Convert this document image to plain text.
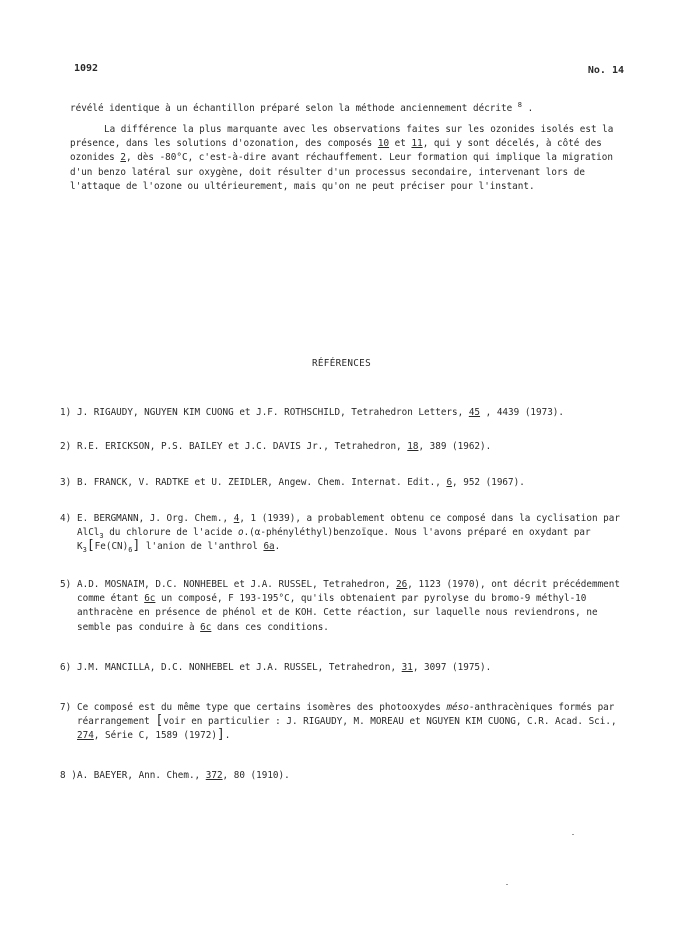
1092	No. 14
révélé identique à un échantillon préparé selon la méthode anciennement décrite $^8$ .
La différence la plus marquante avec les observations faites sur les ozonides isolés est la présence, dans les solutions d'ozonation, des composés 10 et 11, qui y sont décelés, à côté des ozonides 2, dès -80°C, c'est-à-dire avant réchauffement. Leur formation qui implique la migration d'un benzo latéral sur oxygène, doit résulter d'un processus secondaire, intervenant lors de l'attaque de l'ozone ou ultérieurement, mais qu'on ne peut préciser pour l'instant.
RÉFÉRENCES
1) J. RIGAUDY, NGUYEN KIM CUONG et J.F. ROTHSCHILD, Tetrahedron Letters, 45 , 4439 (1973).
2) R.E. ERICKSON, P.S. BAILEY et J.C. DAVIS Jr., Tetrahedron, 18, 389 (1962).
3) B. FRANCK, V. RADTKE et U. ZEIDLER, Angew. Chem. Internat. Edit., 6, 952 (1967).
4) E. BERGMANN, J. Org. Chem., 4, 1 (1939), a probablement obtenu ce composé dans la cyclisation par AlCl$_3$ du chlorure de l'acide o.(α-phényléthyl)benzoïque. Nous l'avons préparé en oxydant par $K_3[Fe(CN)_6]$ l'anion de l'anthrol 6a.
5) A.D. MOSNAIM, D.C. NONHEBEL et J.A. RUSSEL, Tetrahedron, 26, 1123 (1970), ont décrit précédemment comme étant 6c un composé, F 193-195°C, qu'ils obtenaient par pyrolyse du bromo-9 méthyl-10 anthracène en présence de phénol et de KOH. Cette réaction, sur laquelle nous reviendrons, ne semble pas conduire à 6c dans ces conditions.
6) J.M. MANCILLA, D.C. NONHEBEL et J.A. RUSSEL, Tetrahedron, 31, 3097 (1975).
7) Ce composé est du même type que certains isomères des photooxydes méso-anthracèniques formés par réarrangement [voir en particulier : J. RIGAUDY, M. MOREAU et NGUYEN KIM CUONG, C.R. Acad. Sci., 274, Série C, 1589 (1972)].
8 ) A. BAEYER, Ann. Chem., 372, 80 (1910).
